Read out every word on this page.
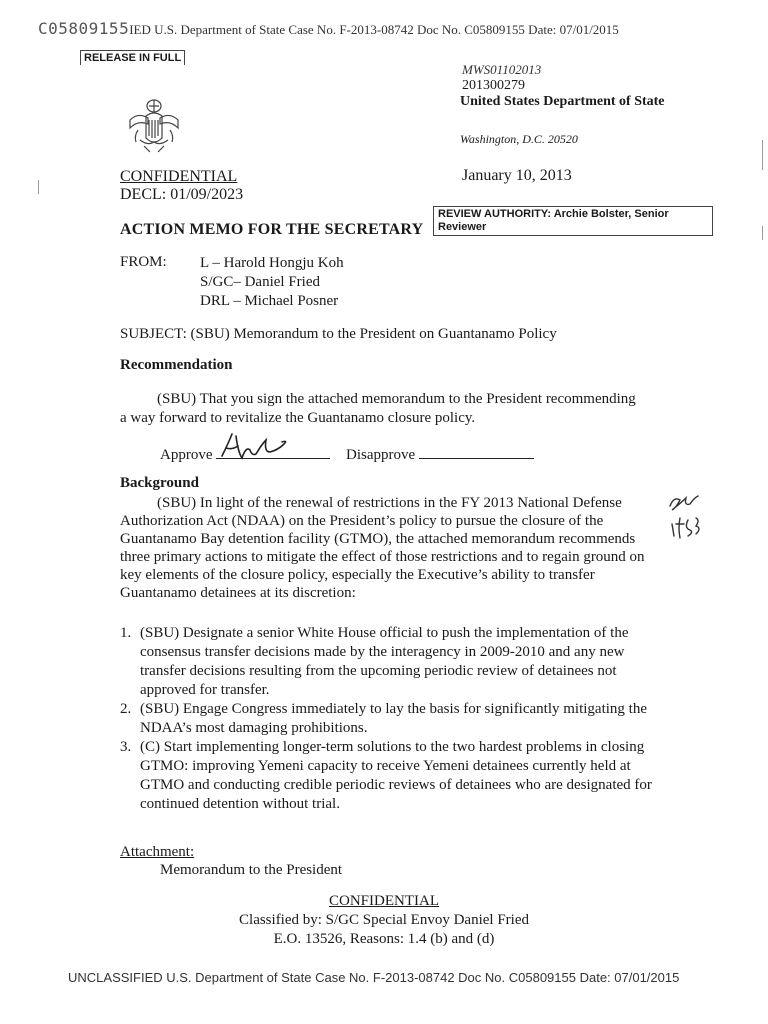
C05809155IED U.S. Department of State Case No. F-2013-08742 Doc No. C05809155 Date: 07/01/2015
RELEASE IN FULL
MWS01102013
201300279
United States Department of State
Washington, D.C. 20520
January 10, 2013
CONFIDENTIAL
DECL: 01/09/2023
ACTION MEMO FOR THE SECRETARY
REVIEW AUTHORITY: Archie Bolster, Senior Reviewer
FROM: L – Harold Hongju Koh
S/GC– Daniel Fried
DRL – Michael Posner
SUBJECT: (SBU) Memorandum to the President on Guantanamo Policy
Recommendation
(SBU) That you sign the attached memorandum to the President recommending a way forward to revitalize the Guantanamo closure policy.
Approve	Disapprove
Background
(SBU) In light of the renewal of restrictions in the FY 2013 National Defense Authorization Act (NDAA) on the President’s policy to pursue the closure of the Guantanamo Bay detention facility (GTMO), the attached memorandum recommends three primary actions to mitigate the effect of those restrictions and to regain ground on key elements of the closure policy, especially the Executive’s ability to transfer Guantanamo detainees at its discretion:
1. (SBU) Designate a senior White House official to push the implementation of the consensus transfer decisions made by the interagency in 2009-2010 and any new transfer decisions resulting from the upcoming periodic review of detainees not approved for transfer.
2. (SBU) Engage Congress immediately to lay the basis for significantly mitigating the NDAA’s most damaging prohibitions.
3. (C) Start implementing longer-term solutions to the two hardest problems in closing GTMO: improving Yemeni capacity to receive Yemeni detainees currently held at GTMO and conducting credible periodic reviews of detainees who are designated for continued detention without trial.
Attachment:
Memorandum to the President
CONFIDENTIAL
Classified by: S/GC Special Envoy Daniel Fried
E.O. 13526, Reasons: 1.4 (b) and (d)
UNCLASSIFIED U.S. Department of State Case No. F-2013-08742 Doc No. C05809155 Date: 07/01/2015
